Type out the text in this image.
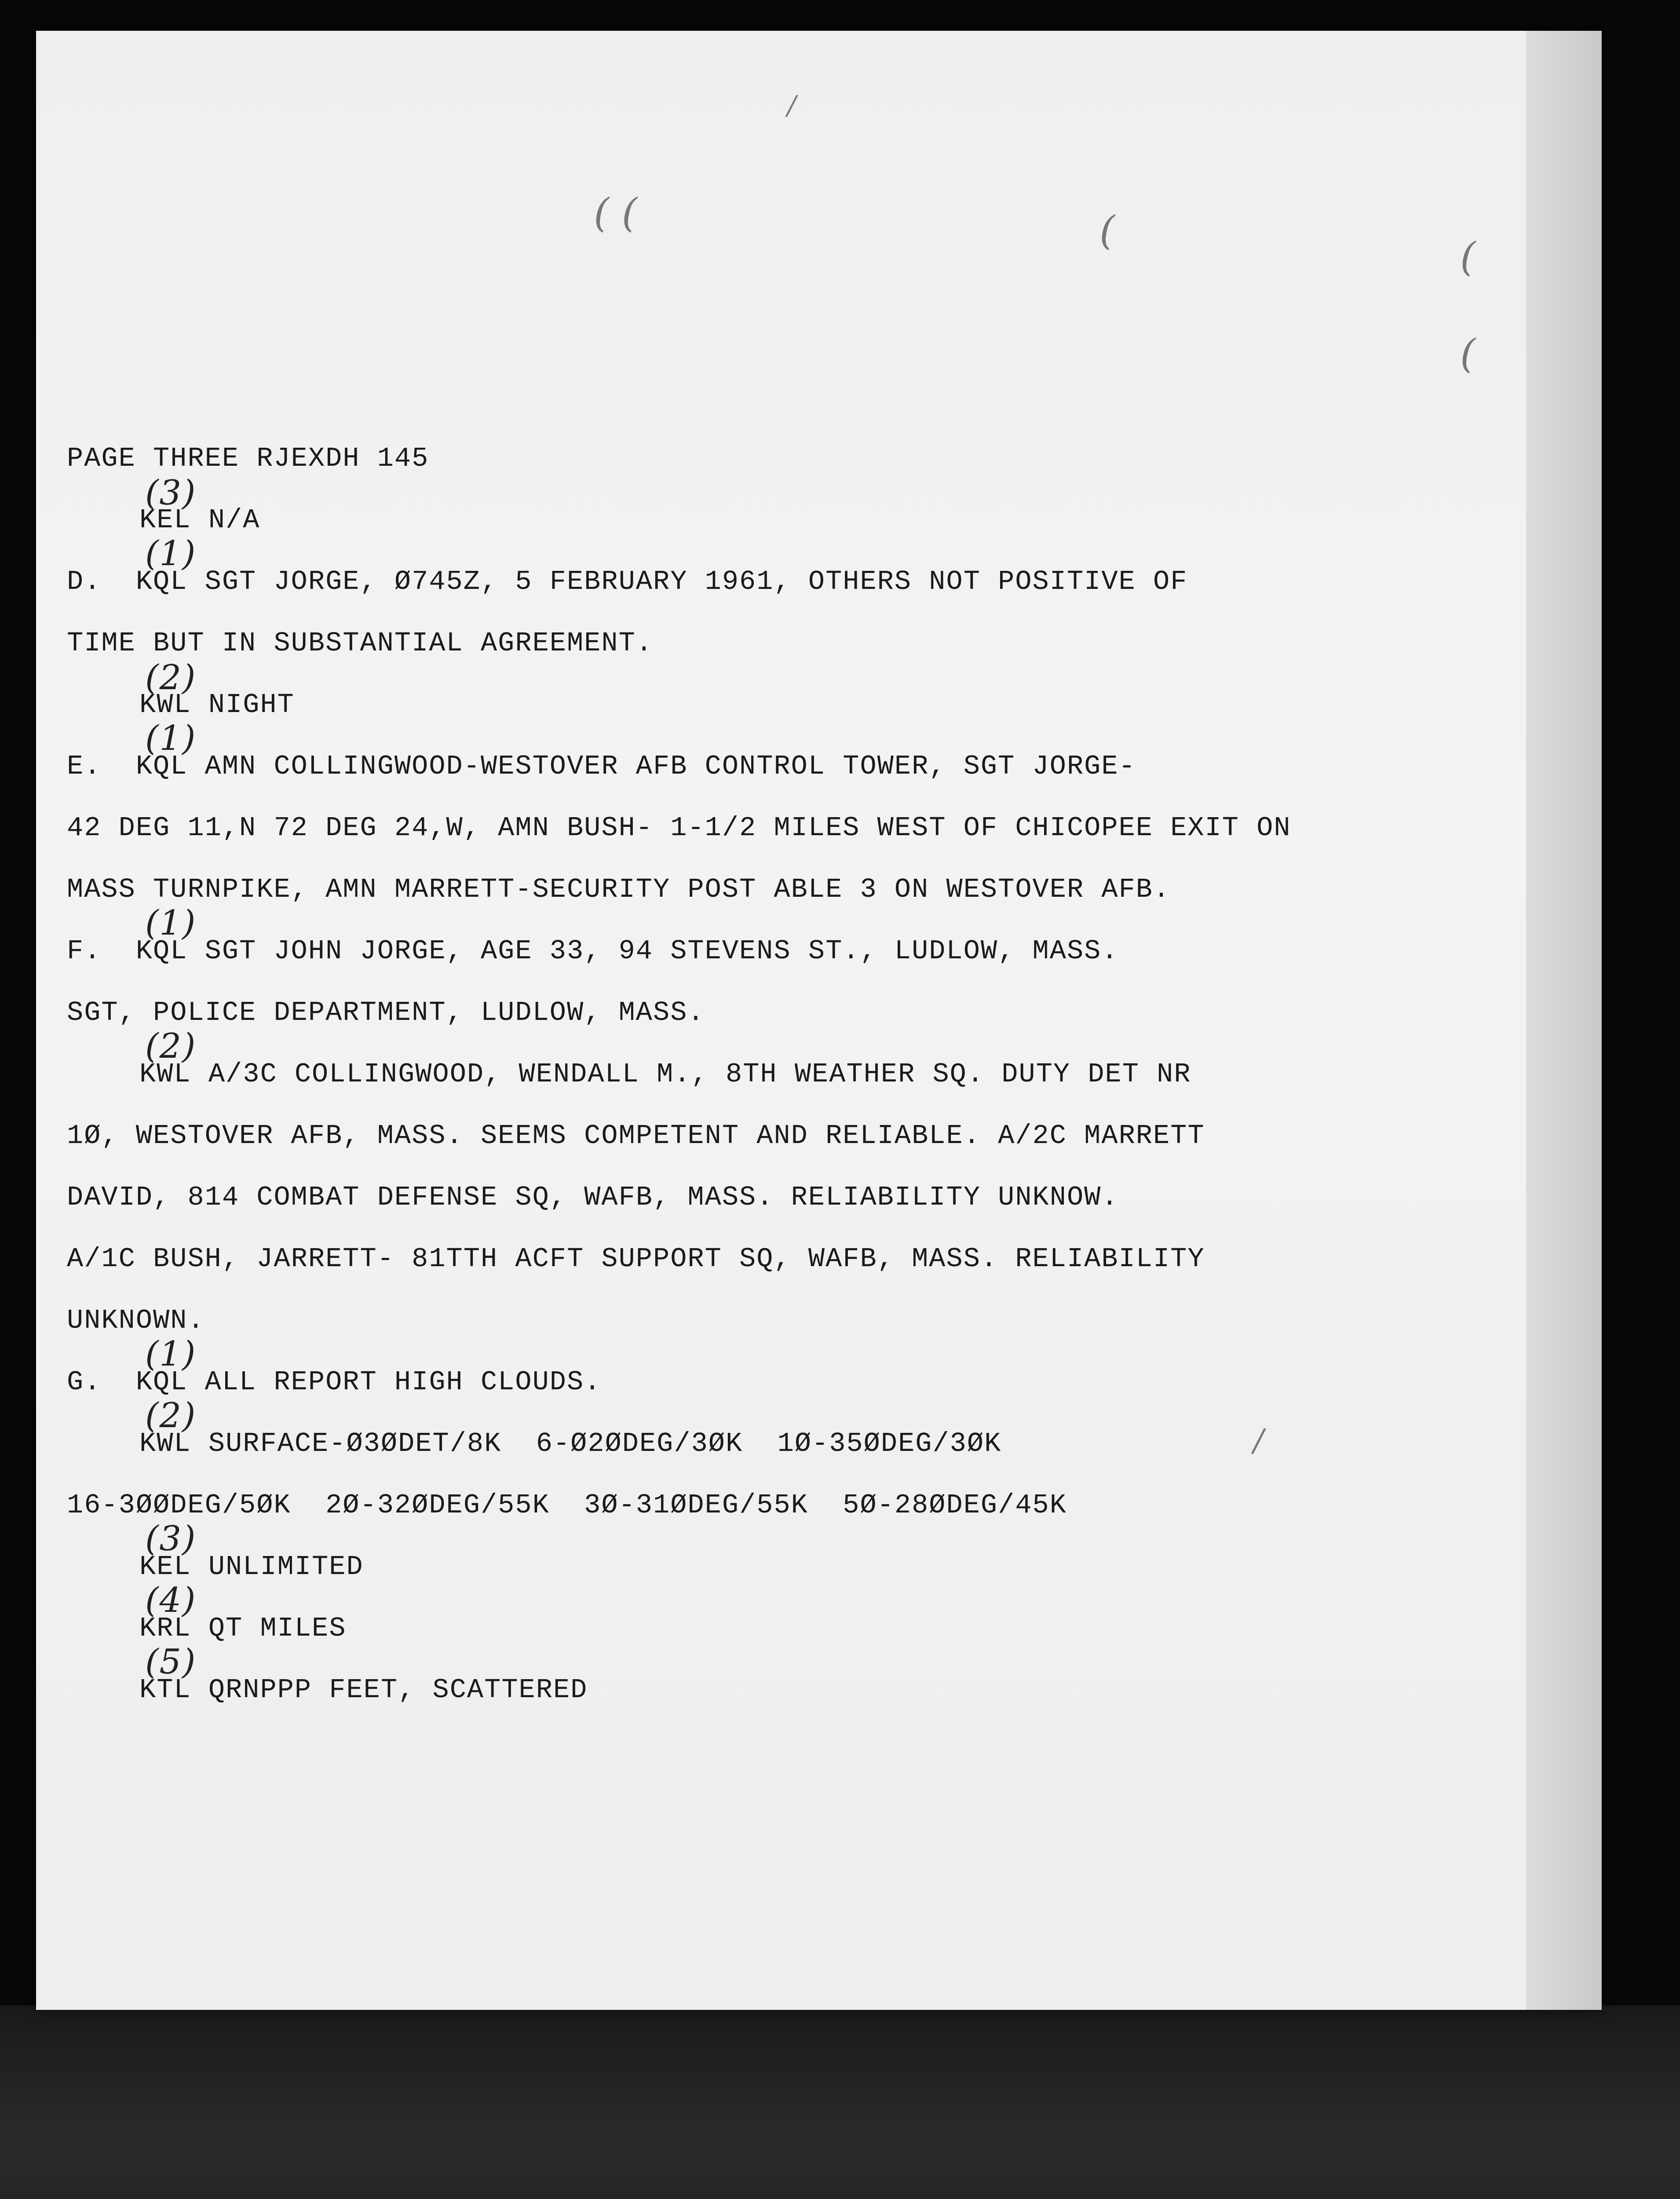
PAGE THREE RJEXDH 145
(3)
KEL N/A
(1)
D.  KQL SGT JORGE, Ø745Z, 5 FEBRUARY 1961, OTHERS NOT POSITIVE OF
TIME BUT IN SUBSTANTIAL AGREEMENT.
(2)
KWL NIGHT
(1)
E.  KQL AMN COLLINGWOOD-WESTOVER AFB CONTROL TOWER, SGT JORGE-
42 DEG 11,N 72 DEG 24,W, AMN BUSH- 1-1/2 MILES WEST OF CHICOPEE EXIT ON
MASS TURNPIKE, AMN MARRETT-SECURITY POST ABLE 3 ON WESTOVER AFB.
(1)
F.  KQL SGT JOHN JORGE, AGE 33, 94 STEVENS ST., LUDLOW, MASS.
SGT, POLICE DEPARTMENT, LUDLOW, MASS.
(2)
KWL A/3C COLLINGWOOD, WENDALL M., 8TH WEATHER SQ. DUTY DET NR
1Ø, WESTOVER AFB, MASS. SEEMS COMPETENT AND RELIABLE. A/2C MARRETT
DAVID, 814 COMBAT DEFENSE SQ, WAFB, MASS. RELIABILITY UNKNOW.
A/1C BUSH, JARRETT- 81TTH ACFT SUPPORT SQ, WAFB, MASS. RELIABILITY
UNKNOWN.
(1)
G.  KQL ALL REPORT HIGH CLOUDS.
(2)
KWL SURFACE-Ø3ØDET/8K  6-Ø2ØDEG/3ØK  1Ø-35ØDEG/3ØK
16-3ØØDEG/5ØK  2Ø-32ØDEG/55K  3Ø-31ØDEG/55K  5Ø-28ØDEG/45K
(3)
KEL UNLIMITED
(4)
KRL QT MILES
(5)
KTL QRNPPP FEET, SCATTERED
( (	(
(
(
/
/
